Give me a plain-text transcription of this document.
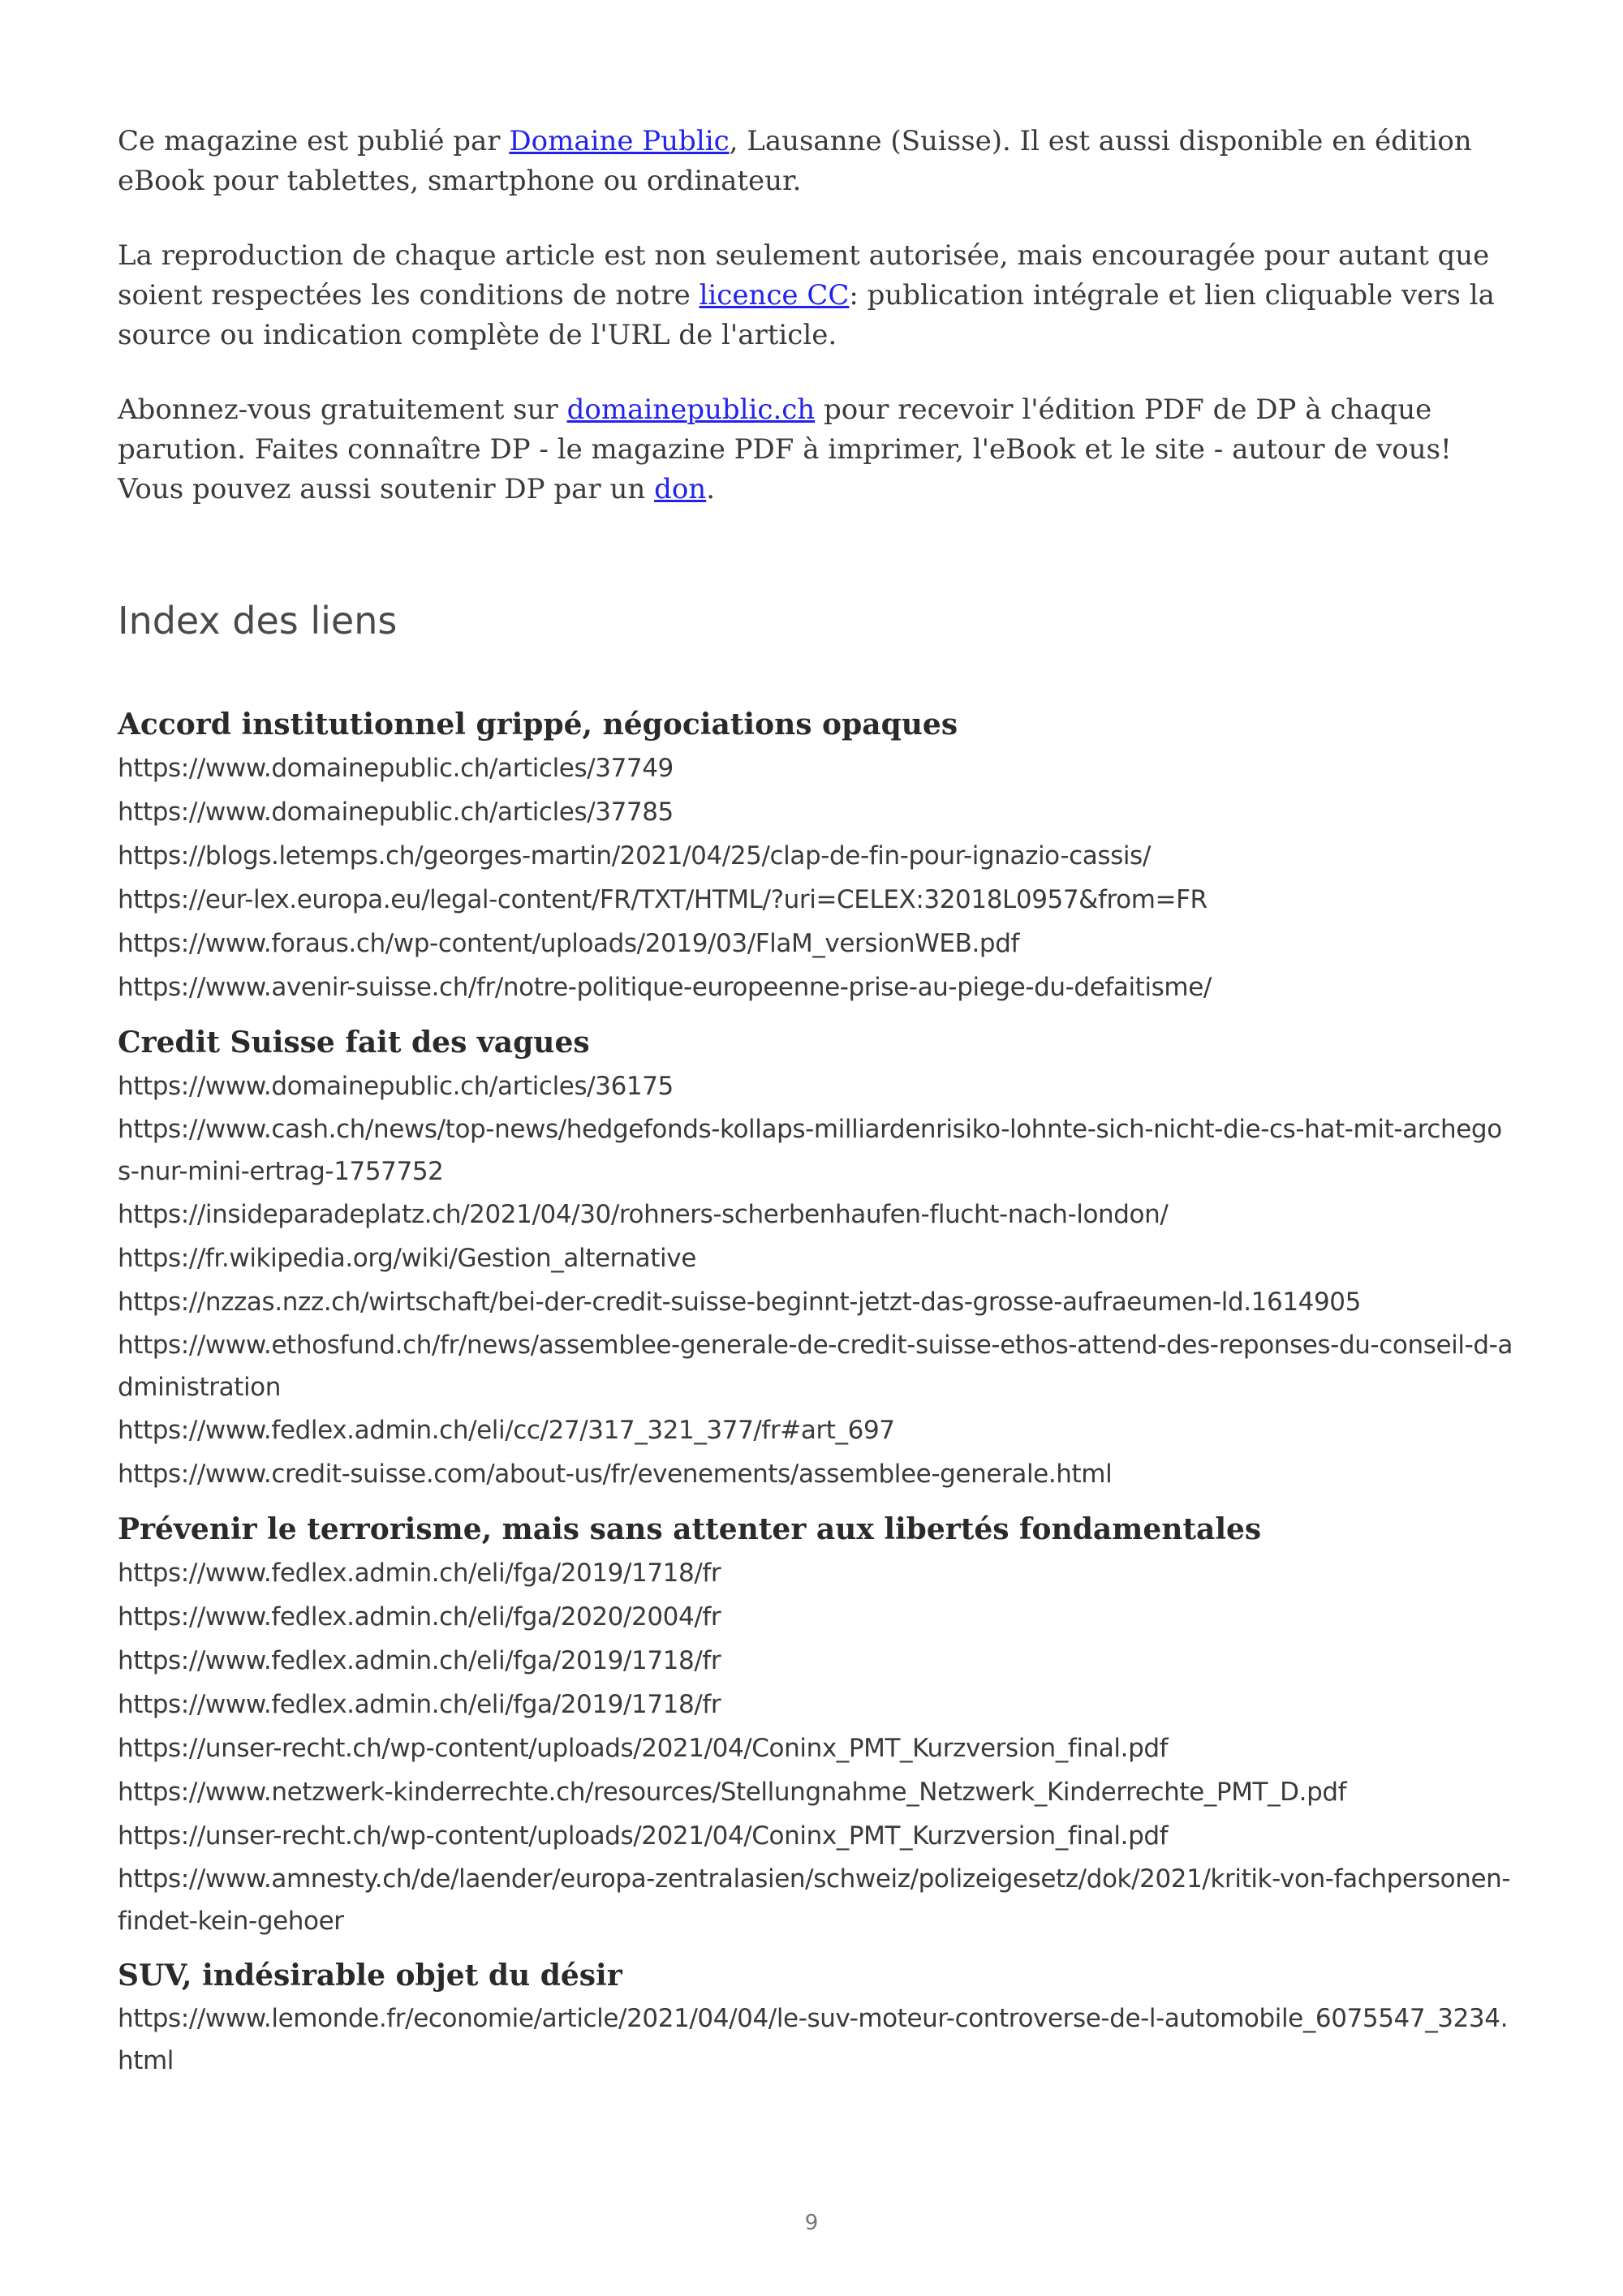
Ce magazine est publié par Domaine Public, Lausanne (Suisse). Il est aussi disponible en édition eBook pour tablettes, smartphone ou ordinateur.

La reproduction de chaque article est non seulement autorisée, mais encouragée pour autant que soient respectées les conditions de notre licence CC: publication intégrale et lien cliquable vers la source ou indication complète de l'URL de l'article.

Abonnez-vous gratuitement sur domainepublic.ch pour recevoir l'édition PDF de DP à chaque parution. Faites connaître DP - le magazine PDF à imprimer, l'eBook et le site - autour de vous! Vous pouvez aussi soutenir DP par un don.

Index des liens
Accord institutionnel grippé, négociations opaques
https://www.domainepublic.ch/articles/37749
https://www.domainepublic.ch/articles/37785
https://blogs.letemps.ch/georges-martin/2021/04/25/clap-de-fin-pour-ignazio-cassis/
https://eur-lex.europa.eu/legal-content/FR/TXT/HTML/?uri=CELEX:32018L0957&from=FR
https://www.foraus.ch/wp-content/uploads/2019/03/FlaM_versionWEB.pdf
https://www.avenir-suisse.ch/fr/notre-politique-europeenne-prise-au-piege-du-defaitisme/
Credit Suisse fait des vagues
https://www.domainepublic.ch/articles/36175
https://www.cash.ch/news/top-news/hedgefonds-kollaps-milliardenrisiko-lohnte-sich-nicht-die-cs-hat-mit-archegos-nur-mini-ertrag-1757752
https://insideparadeplatz.ch/2021/04/30/rohners-scherbenhaufen-flucht-nach-london/
https://fr.wikipedia.org/wiki/Gestion_alternative
https://nzzas.nzz.ch/wirtschaft/bei-der-credit-suisse-beginnt-jetzt-das-grosse-aufraeumen-ld.1614905
https://www.ethosfund.ch/fr/news/assemblee-generale-de-credit-suisse-ethos-attend-des-reponses-du-conseil-d-administration
https://www.fedlex.admin.ch/eli/cc/27/317_321_377/fr#art_697
https://www.credit-suisse.com/about-us/fr/evenements/assemblee-generale.html
Prévenir le terrorisme, mais sans attenter aux libertés fondamentales
https://www.fedlex.admin.ch/eli/fga/2019/1718/fr
https://www.fedlex.admin.ch/eli/fga/2020/2004/fr
https://www.fedlex.admin.ch/eli/fga/2019/1718/fr
https://www.fedlex.admin.ch/eli/fga/2019/1718/fr
https://unser-recht.ch/wp-content/uploads/2021/04/Coninx_PMT_Kurzversion_final.pdf
https://www.netzwerk-kinderrechte.ch/resources/Stellungnahme_Netzwerk_Kinderrechte_PMT_D.pdf
https://unser-recht.ch/wp-content/uploads/2021/04/Coninx_PMT_Kurzversion_final.pdf
https://www.amnesty.ch/de/laender/europa-zentralasien/schweiz/polizeigesetz/dok/2021/kritik-von-fachpersonen-findet-kein-gehoer
SUV, indésirable objet du désir
https://www.lemonde.fr/economie/article/2021/04/04/le-suv-moteur-controverse-de-l-automobile_6075547_3234.html
9
